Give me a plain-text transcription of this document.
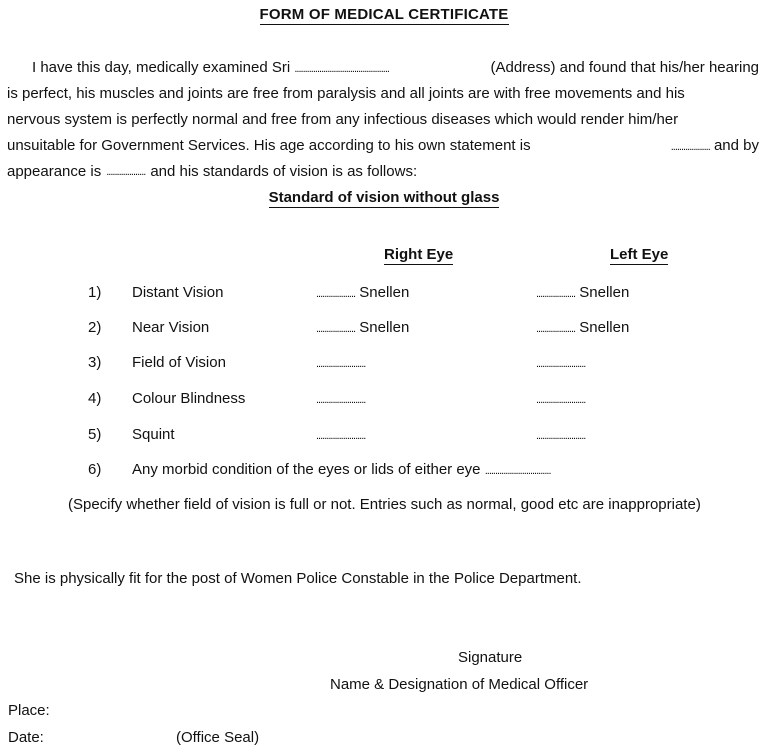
FORM OF MEDICAL CERTIFICATE
I have this day, medically examined Sri ..............................................	(Address) and found that his/her hearing
is perfect, his muscles and joints are free from paralysis and all joints are with free movements and his
nervous system is perfectly normal and free from any infectious diseases which would render him/her
unsuitable for Government Services. His age according to his own statement is	................... and by
appearance is ................... and his standards of vision is as follows:
Standard of vision without glass
Right Eye	Left Eye
1) Distant Vision	................... Snellen	................... Snellen
2) Near Vision	................... Snellen	................... Snellen
3) Field of Vision	........................	........................
4) Colour Blindness	........................	........................
5) Squint	........................	........................
6) Any morbid condition of the eyes or lids of either eye ................................
(Specify whether field of vision is full or not. Entries such as normal, good etc are inappropriate)
She is physically fit for the post of Women Police Constable in the Police Department.
Signature
Name & Designation of Medical Officer
Place:
Date:	(Office Seal)
